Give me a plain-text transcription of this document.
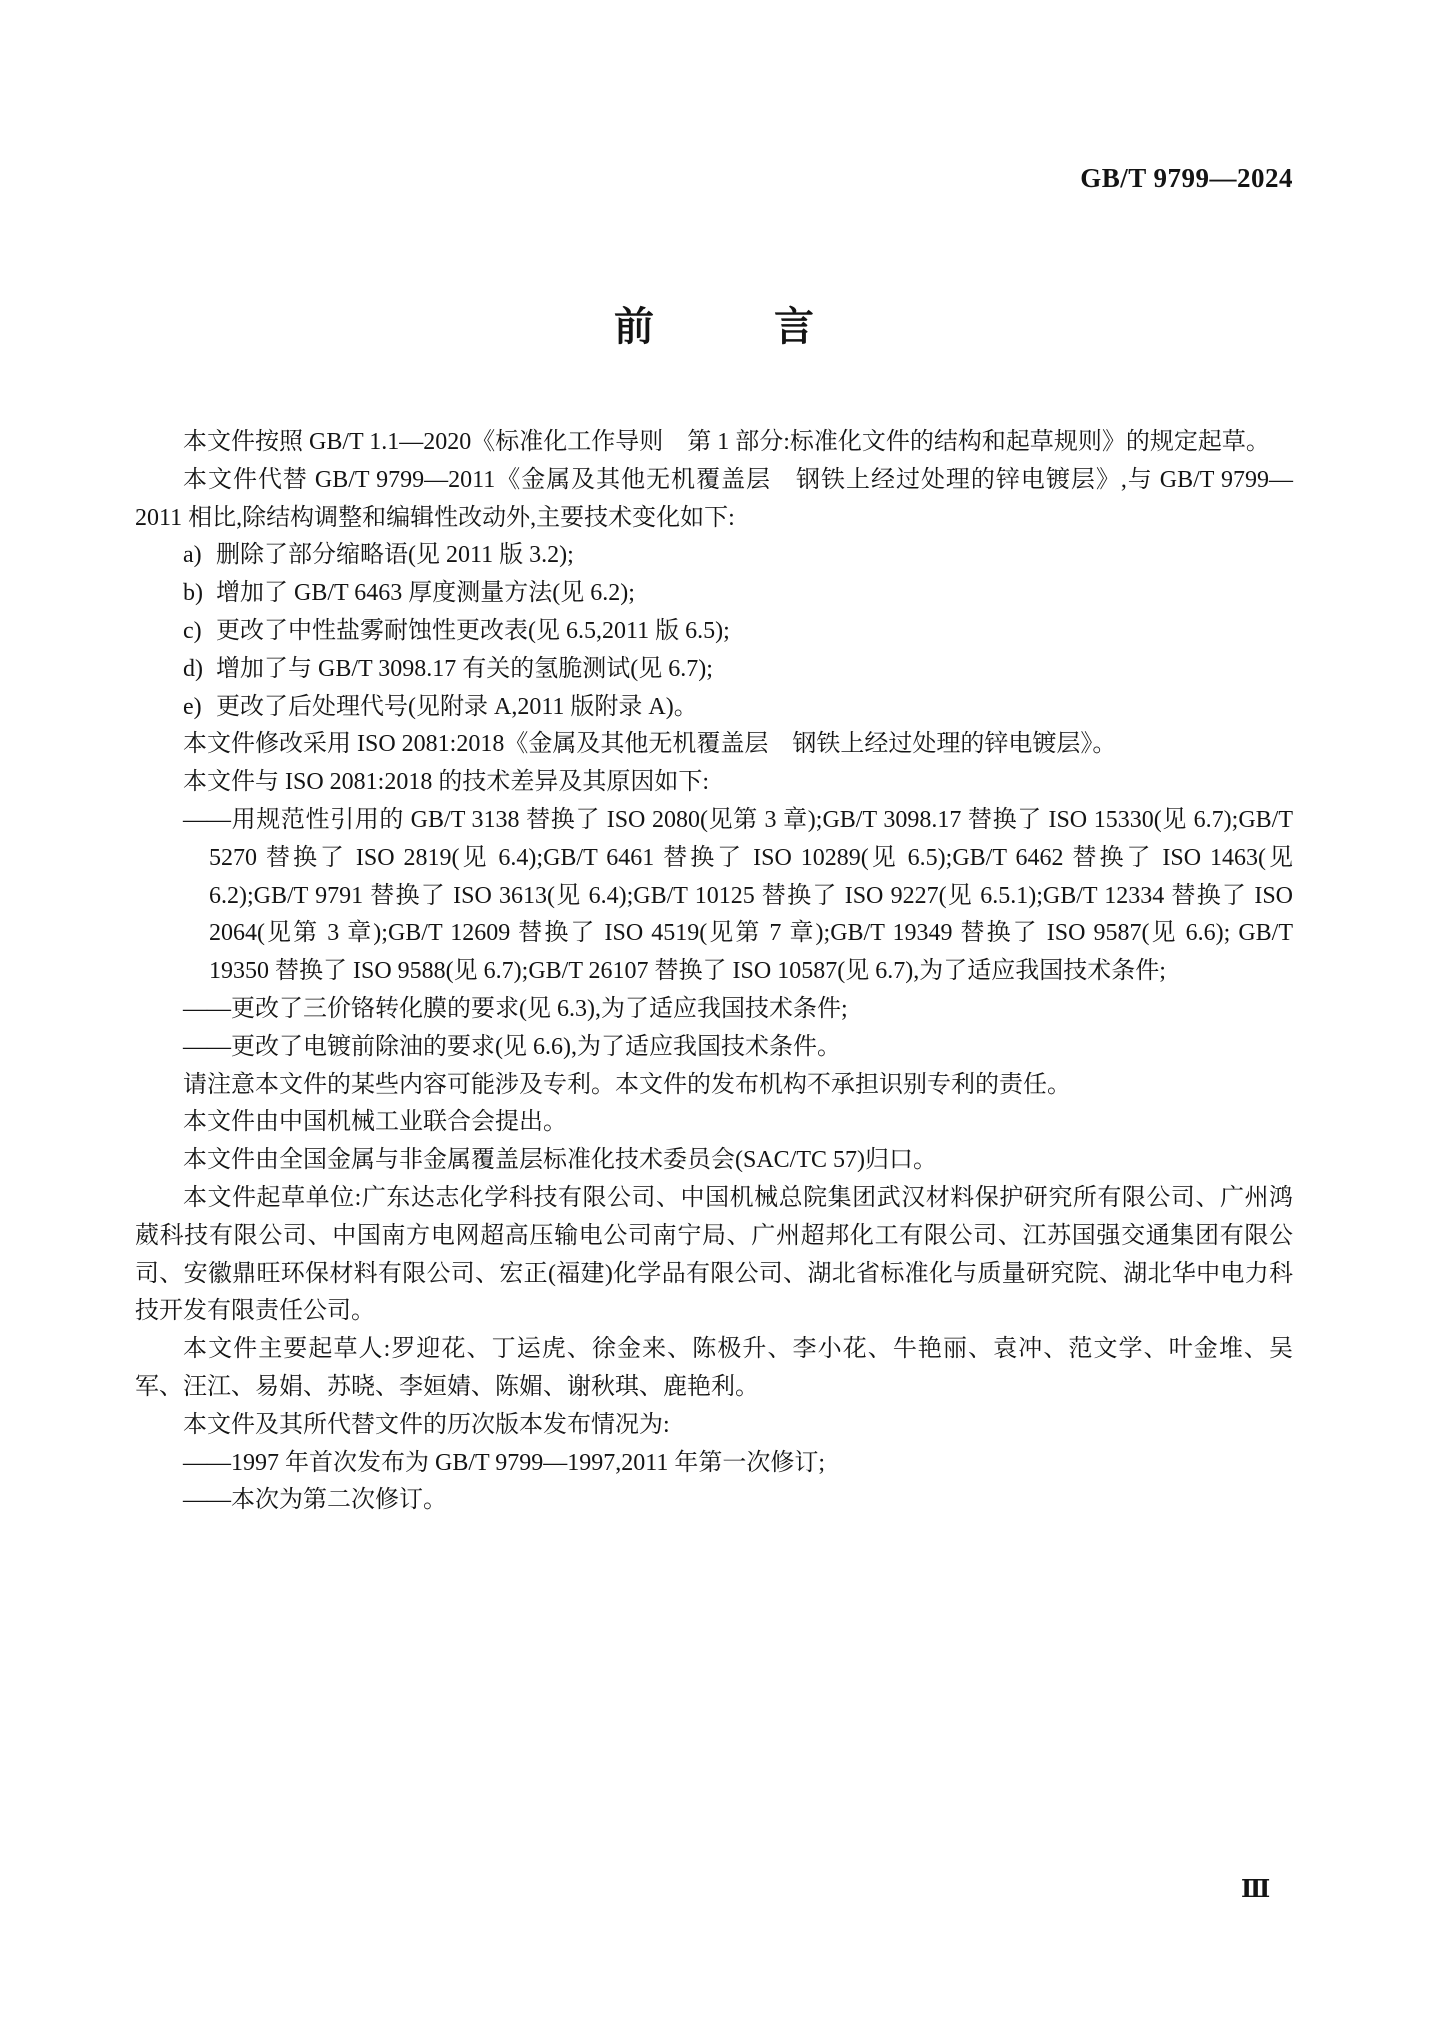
GB/T 9799—2024
前　　　言
本文件按照 GB/T 1.1—2020《标准化工作导则　第 1 部分:标准化文件的结构和起草规则》的规定起草。
本文件代替 GB/T 9799—2011《金属及其他无机覆盖层　钢铁上经过处理的锌电镀层》,与 GB/T 9799—2011 相比,除结构调整和编辑性改动外,主要技术变化如下:
a) 删除了部分缩略语(见 2011 版 3.2);
b) 增加了 GB/T 6463 厚度测量方法(见 6.2);
c) 更改了中性盐雾耐蚀性更改表(见 6.5,2011 版 6.5);
d) 增加了与 GB/T 3098.17 有关的氢脆测试(见 6.7);
e) 更改了后处理代号(见附录 A,2011 版附录 A)。
本文件修改采用 ISO 2081:2018《金属及其他无机覆盖层　钢铁上经过处理的锌电镀层》。
本文件与 ISO 2081:2018 的技术差异及其原因如下:
——用规范性引用的 GB/T 3138 替换了 ISO 2080(见第 3 章);GB/T 3098.17 替换了 ISO 15330(见 6.7);GB/T 5270 替换了 ISO 2819(见 6.4);GB/T 6461 替换了 ISO 10289(见 6.5);GB/T 6462 替换了 ISO 1463(见 6.2);GB/T 9791 替换了 ISO 3613(见 6.4);GB/T 10125 替换了 ISO 9227(见 6.5.1);GB/T 12334 替换了 ISO 2064(见第 3 章);GB/T 12609 替换了 ISO 4519(见第 7 章);GB/T 19349 替换了 ISO 9587(见 6.6); GB/T 19350 替换了 ISO 9588(见 6.7);GB/T 26107 替换了 ISO 10587(见 6.7),为了适应我国技术条件;
——更改了三价铬转化膜的要求(见 6.3),为了适应我国技术条件;
——更改了电镀前除油的要求(见 6.6),为了适应我国技术条件。
请注意本文件的某些内容可能涉及专利。本文件的发布机构不承担识别专利的责任。
本文件由中国机械工业联合会提出。
本文件由全国金属与非金属覆盖层标准化技术委员会(SAC/TC 57)归口。
本文件起草单位:广东达志化学科技有限公司、中国机械总院集团武汉材料保护研究所有限公司、广州鸿葳科技有限公司、中国南方电网超高压输电公司南宁局、广州超邦化工有限公司、江苏国强交通集团有限公司、安徽鼎旺环保材料有限公司、宏正(福建)化学品有限公司、湖北省标准化与质量研究院、湖北华中电力科技开发有限责任公司。
本文件主要起草人:罗迎花、丁运虎、徐金来、陈极升、李小花、牛艳丽、袁冲、范文学、叶金堆、吴军、汪江、易娟、苏晓、李姮婧、陈媚、谢秋琪、鹿艳利。
本文件及其所代替文件的历次版本发布情况为:
——1997 年首次发布为 GB/T 9799—1997,2011 年第一次修订;
——本次为第二次修订。
Ⅲ
